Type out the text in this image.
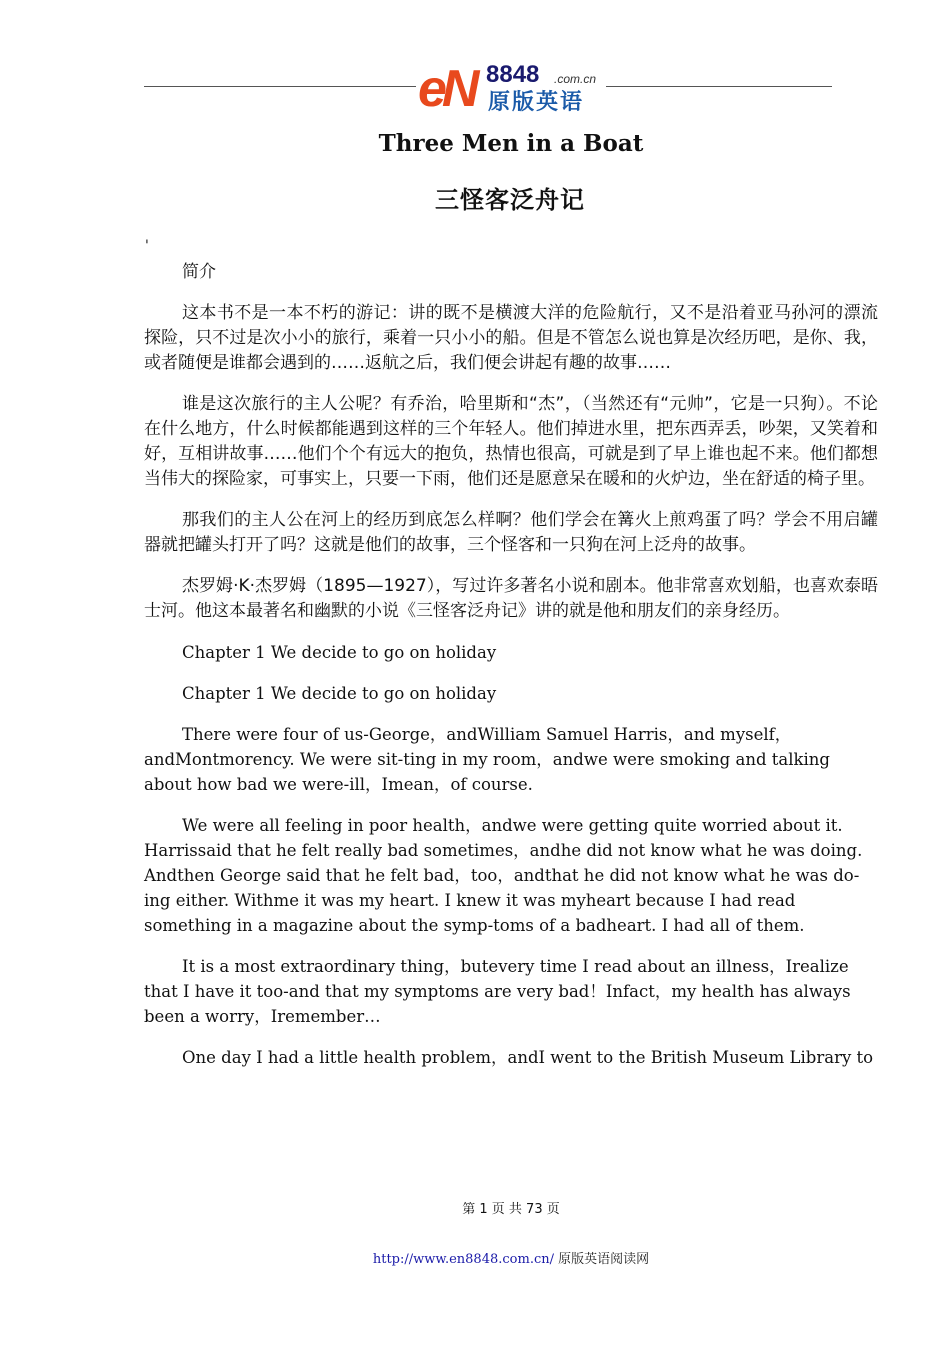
eN 8848 .com.cn
原版英语
Three Men in a Boat
三怪客泛舟记
'

简介

这本书不是一本不朽的游记：讲的既不是横渡大洋的危险航行，又不是沿着亚马孙河的漂流探险，只不过是次小小的旅行，乘着一只小小的船。但是不管怎么说也算是次经历吧，是你、我，或者随便是谁都会遇到的……返航之后，我们便会讲起有趣的故事……

谁是这次旅行的主人公呢？有乔治，哈里斯和“杰”，（当然还有“元帅”，它是一只狗）。不论在什么地方，什么时候都能遇到这样的三个年轻人。他们掉进水里，把东西弄丢，吵架，又笑着和好，互相讲故事……他们个个有远大的抱负，热情也很高，可就是到了早上谁也起不来。他们都想当伟大的探险家，可事实上，只要一下雨，他们还是愿意呆在暖和的火炉边，坐在舒适的椅子里。

那我们的主人公在河上的经历到底怎么样啊？他们学会在篝火上煎鸡蛋了吗？学会不用启罐器就把罐头打开了吗？这就是他们的故事，三个怪客和一只狗在河上泛舟的故事。

杰罗姆·K·杰罗姆（1895—1927），写过许多著名小说和剧本。他非常喜欢划船，也喜欢泰晤士河。他这本最著名和幽默的小说《三怪客泛舟记》讲的就是他和朋友们的亲身经历。

Chapter 1 We decide to go on holiday

Chapter 1 We decide to go on holiday

There were four of us-George，andWilliam Samuel Harris，and myself，andMontmorency. We were sit-ting in my room，andwe were smoking and talking about how bad we were-ill，Imean，of course.

We were all feeling in poor health，andwe were getting quite worried about it. Harrissaid that he felt really bad sometimes，andhe did not know what he was doing. Andthen George said that he felt bad，too，andthat he did not know what he was do-ing either. Withme it was my heart. I knew it was myheart because I had read something in a magazine about the symp-toms of a badheart. I had all of them.

It is a most extraordinary thing，butevery time I read about an illness，Irealize that I have it too-and that my symptoms are very bad！Infact，my health has always been a worry，Iremember…

One day I had a little health problem，andI went to the British Museum Library to

第 1 页 共 73 页
http://www.en8848.com.cn/ 原版英语阅读网
